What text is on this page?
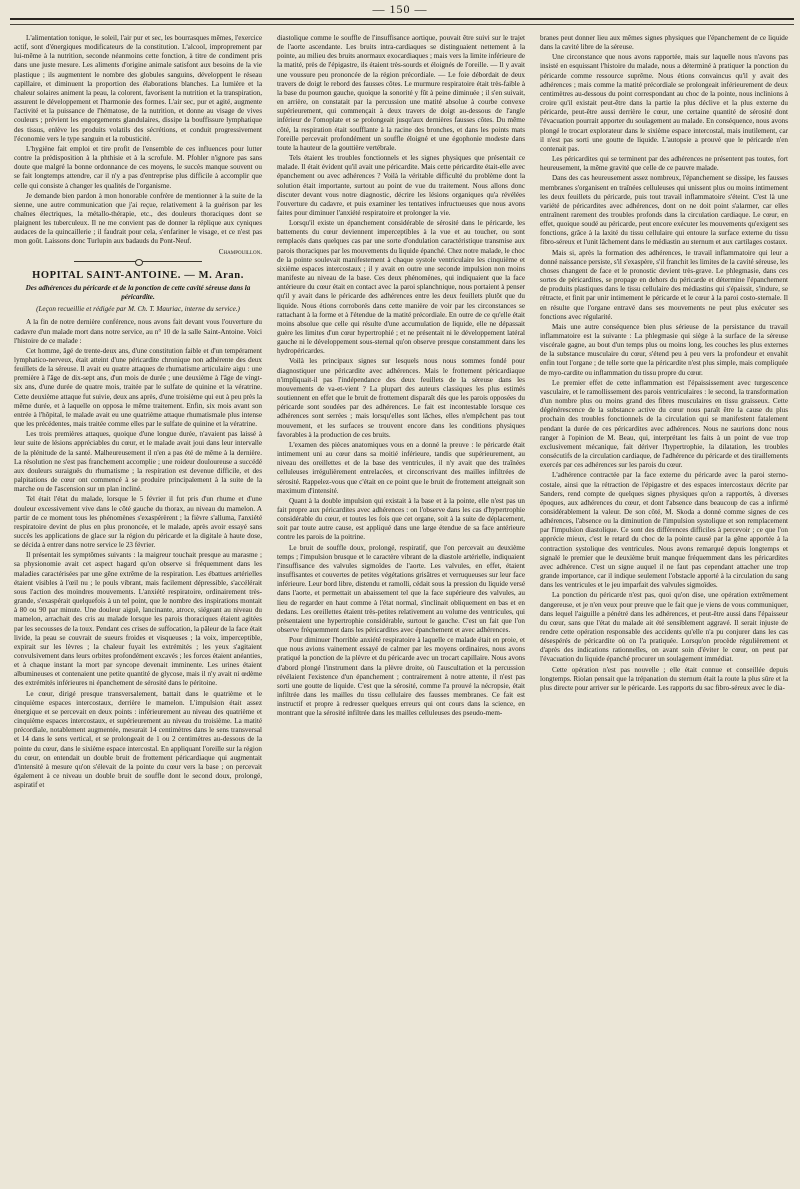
— 150 —

L'alimentation tonique, le soleil, l'air pur et sec, les bourrasques mêmes, l'exercice actif, sont d'énergiques modificateurs de la constitution. L'alcool, improprement par lui-même à la nutrition, seconde néanmoins cette fonction, à titre de condiment pris dans une juste mesure. Les aliments d'origine animale satisfont aux besoins de la vie plastique ; ils augmentent le nombre des globules sanguins, développent le réseau capillaire, et diminuent la proportion des élaborations blanches. La lumière et la chaleur solaires animent la peau, la colorent, favorisent la nutrition et la transpiration, assurent le développement et l'harmonie des formes. L'air sec, pur et agité, augmente l'activité et la puissance de l'hématose, de la nutrition, et donne au visage de vives couleurs ; prévient les engorgements glandulaires, dissipe la bouffissure lymphatique des tissus, enlève les produits volatils des sécrétions, et conduit progressivement l'économie vers le type sanguin et la robusticité.

L'hygiène fait emploi et tire profit de l'ensemble de ces influences pour lutter contre la prédisposition à la phthisie et à la scrofule. M. Pfohler n'ignore pas sans doute que malgré la bonne ordonnance de ces moyens, le succès manque souvent ou se fait longtemps attendre, car il n'y a pas d'entreprise plus difficile à accomplir que celle qui consiste à changer les qualités de l'organisme.

Je demande bien pardon à mon honorable confrère de mentionner à la suite de la sienne, une autre communication que j'ai reçue, relativement à la guérison par les chaînes électriques, la métallo-thérapie, etc., des douleurs thoraciques dont se plaignent les tuberculeux. Il ne me convient pas de donner la réplique aux cyniques audaces de la quincaillerie ; il faudrait pour cela, s'enfariner le visage, et ce n'est pas mon goût. Laissons donc Turlupin aux badauds du Pont-Neuf.

Champouillon.
HOPITAL SAINT-ANTOINE. — M. Aran.
Des adhérences du péricarde et de la ponction de cette cavité séreuse dans la péricardite.
(Leçon recueillie et rédigée par M. Ch. T. Mauriac, interne du service.)

A la fin de notre dernière conférence, nous avons fait devant vous l'ouverture du cadavre d'un malade mort dans notre service, au n° 10 de la salle Saint-Antoine. Voici l'histoire de ce malade :

Cet homme, âgé de trente-deux ans, d'une constitution faible et d'un tempérament lymphatico-nerveux, était atteint d'une péricardite chronique non adhérente des deux feuillets de la séreuse. Il avait eu quatre attaques de rhumatisme articulaire aigu : une première à l'âge de dix-sept ans, d'un mois de durée ; une deuxième à l'âge de vingt-six ans, d'une durée de quatre mois, traitée par le sulfate de quinine et la vératrine. Cette deuxième attaque fut suivie, deux ans après, d'une troisième qui eut à peu près la même durée, et à laquelle on opposa le même traitement. Enfin, six mois avant son entrée à l'hôpital, le malade avait eu une quatrième attaque rhumatismale plus intense que les précédentes, mais traitée comme elles par le sulfate de quinine et la vératrine.

Les trois premières attaques, quoique d'une longue durée, n'avaient pas laissé à leur suite de lésions appréciables du cœur, et le malade avait joui dans leur intervalle de la plénitude de la santé. Malheureusement il n'en a pas été de même à la dernière. La résolution ne s'est pas franchement accomplie ; une roideur douloureuse a succédé aux douleurs suraiguës du rhumatisme ; la respiration est devenue difficile, et des palpitations de cœur ont commencé à se produire principalement à la suite de la marche ou de l'ascension sur un plan incliné.

Tel était l'état du malade, lorsque le 5 février il fut pris d'un rhume et d'une douleur excessivement vive dans le côté gauche du thorax, au niveau du mamelon. A partir de ce moment tous les phénomènes s'exaspérèrent ; la fièvre s'alluma, l'anxiété respiratoire devint de plus en plus prononcée, et le malade, après avoir essayé sans succès les applications de glace sur la région du péricarde et la digitale à haute dose, se décida à entrer dans notre service le 23 février.

Il présentait les symptômes suivants : la maigreur touchait presque au marasme ; sa physionomie avait cet aspect hagard qu'on observe si fréquemment dans les maladies caractérisées par une gêne extrême de la respiration. Les ébattues artérielles étaient visibles à l'œil nu ; le pouls vibrant, mais facilement dépressible, s'accélérait sous l'action des moindres mouvements. L'anxiété respiratoire, ordinairement très-grande, s'exaspérait quelquefois à un tel point, que le nombre des inspirations montait à 80 ou 90 par minute. Une douleur aiguë, lancinante, atroce, siégeant au niveau du mamelon, arrachait des cris au malade lorsque les parois thoraciques étaient agitées par les secousses de la toux. Pendant ces crises de suffocation, la pâleur de la face était livide, la peau se couvrait de sueurs froides et visqueuses ; la voix, imperceptible, expirait sur les lèvres ; la chaleur fuyait les extrémités ; les yeux s'agitaient convulsivement dans leurs orbites profondément excavés ; les forces étaient anéanties, et à chaque instant la mort par syncope devenait imminente. Les urines étaient albumineuses et contenaient une petite quantité de glycose, mais il n'y avait ni œdème des extrémités inférieures ni épanchement de sérosité dans le péritoine.

Le cœur, dirigé presque transversalement, battait dans le quatrième et le cinquième espaces intercostaux, derrière le mamelon. L'impulsion était assez énergique et se percevait en deux points : inférieurement au niveau des quatrième et cinquième espaces intercostaux, et supérieurement au niveau du troisième. La matité précordiale, notablement augmentée, mesurait 14 centimètres dans le sens transversal et 14 dans le sens vertical, et se prolongeait de 1 ou 2 centimètres au-dessous de la pointe du cœur, dans le sixième espace intercostal. En appliquant l'oreille sur la région du cœur, on entendait un double bruit de frottement péricardiaque qui augmentait d'intensité à mesure qu'on s'élevait de la pointe du cœur vers la base ; on percevait également à ce niveau un double bruit de souffle dont le second doux, prolongé, aspiratif et

diastolique comme le souffle de l'insuffisance aortique, pouvait être suivi sur le trajet de l'aorte ascendante. Les bruits intra-cardiaques se distinguaient nettement à la pointe, au milieu des bruits anormaux exocardiaques ; mais vers la limite inférieure de la matité, près de l'épigastre, ils étaient très-sourds et éloignés de l'oreille. — Il y avait une voussure peu prononcée de la région précordiale. — Le foie débordait de deux travers de doigt le rebord des fausses côtes. Le murmure respiratoire était très-faible à la base du poumon gauche, quoique la sonorité y fût à peine diminuée ; il s'en suivait, en arrière, on constatait par la percussion une matité absolue à courbe convexe supérieurement, qui commençait à deux travers de doigt au-dessous de l'angle inférieur de l'omoplate et se prolongeait jusqu'aux dernières fausses côtes. Du même côté, la respiration était soufflante à la racine des bronches, et dans les points mats l'oreille percevait profondément un souffle éloigné et une égophonie modeste dans toute la hauteur de la gouttière vertébrale.

Tels étaient les troubles fonctionnels et les signes physiques que présentait ce malade. Il était évident qu'il avait une péricardite. Mais cette péricardite était-elle avec épanchement ou avec adhérences ? Voilà la véritable difficulté du problème dont la solution était importante, surtout au point de vue du traitement. Nous allons donc discuter devant vous notre diagnostic, décrire les lésions organiques qu'a révélées l'ouverture du cadavre, et puis examiner les tentatives infructueuses que nous avons faites pour diminuer l'anxiété respiratoire et prolonger la vie.

Lorsqu'il existe un épanchement considérable de sérosité dans le péricarde, les battements du cœur deviennent imperceptibles à la vue et au toucher, ou sont remplacés dans quelques cas par une sorte d'ondulation caractéristique transmise aux parois thoraciques par les mouvements du liquide épanché. Chez notre malade, le choc de la pointe soulevait manifestement à chaque systole ventriculaire les cinquième et sixième espaces intercostaux ; il y avait en outre une seconde impulsion non moins manifeste au niveau de la base. Ces deux phénomènes, qui indiquaient que la face antérieure du cœur était en contact avec la paroi splanchnique, nous portaient à penser qu'il y avait dans le péricarde des adhérences entre les deux feuillets plutôt que du liquide. Nous étions corroborés dans cette manière de voir par les circonstances se rattachant à la forme et à l'étendue de la matité précordiale. En outre de ce qu'elle était moins absolue que celle qui résulte d'une accumulation de liquide, elle ne dépassait guère les limites d'un cœur hypertrophié ; et ne présentait ni le développement latéral gauche ni le développement sous-sternal qu'on observe presque constamment dans les hydropéricardes.

Voilà les principaux signes sur lesquels nous nous sommes fondé pour diagnostiquer une péricardite avec adhérences. Mais le frottement péricardiaque n'impliquait-il pas l'indépendance des deux feuillets de la séreuse dans les mouvements de va-et-vient ? La plupart des auteurs classiques les plus estimés soutiennent en effet que le bruit de frottement disparaît dès que les parois opposées du péricarde sont soudées par des adhérences. Le fait est incontestable lorsque ces adhérences sont serrées ; mais lorsqu'elles sont lâches, elles n'empêchent pas tout mouvement, et les surfaces se trouvent encore dans les conditions physiques favorables à la production de ces bruits.

L'examen des pièces anatomiques vous en a donné la preuve : le péricarde était intimement uni au cœur dans sa moitié inférieure, tandis que supérieurement, au niveau des oreillettes et de la base des ventricules, il n'y avait que des traînées celluleuses irrégulièrement entrelacées, et circonscrivant des mailles infiltrées de sérosité. Rappelez-vous que c'était en ce point que le bruit de frottement atteignait son maximum d'intensité.

Quant à la double impulsion qui existait à la base et à la pointe, elle n'est pas un fait propre aux péricardites avec adhérences : on l'observe dans les cas d'hypertrophie considérable du cœur, et toutes les fois que cet organe, soit à la suite de déplacement, soit par toute autre cause, est appliqué dans une large étendue de sa face antérieure contre les parois de la poitrine.

Le bruit de souffle doux, prolongé, respiratif, que l'on percevait au deuxième temps ; l'impulsion brusque et le caractère vibrant de la diastole artérielle, indiquaient l'insuffisance des valvules sigmoïdes de l'aorte. Les valvules, en effet, étaient insuffisantes et couvertes de petites végétations grisâtres et verruqueuses sur leur face inférieure. Leur bord libre, distendu et ramolli, cédait sous la pression du liquide versé dans l'aorte, et permettait un abaissement tel que la face supérieure des valvules, au lieu de regarder en haut comme à l'état normal, s'inclinait obliquement en bas et en dedans. Les oreillettes étaient très-petites relativement au volume des ventricules, qui présentaient une hypertrophie considérable, surtout le gauche. C'est un fait que l'on observe fréquemment dans les péricardites avec épanchement et avec adhérences.

Pour diminuer l'horrible anxiété respiratoire à laquelle ce malade était en proie, et que nous avions vainement essayé de calmer par les moyens ordinaires, nous avons pratiqué la ponction de la plèvre et du péricarde avec un trocart capillaire. Nous avons d'abord plongé l'instrument dans la plèvre droite, où l'auscultation et la percussion révélaient l'existence d'un épanchement ; contrairement à notre attente, il n'est pas sorti une goutte de liquide. C'est que la sérosité, comme l'a prouvé la nécropsie, était infiltrée dans les mailles du tissu cellulaire des fausses membranes. Ce fait est instructif et propre à redresser quelques erreurs qui ont cours dans la science, en montrant que la sérosité infiltrée dans les mailles celluleuses des pseudo-mem-

branes peut donner lieu aux mêmes signes physiques que l'épanchement de ce liquide dans la cavité libre de la séreuse.

Une circonstance que nous avons rapportée, mais sur laquelle nous n'avons pas insisté en esquissant l'histoire du malade, nous a déterminé à pratiquer la ponction du péricarde comme ressource suprême. Nous étions convaincus qu'il y avait des adhérences ; mais comme la matité précordiale se prolongeait inférieurement de deux centimètres au-dessous du point correspondant au choc de la pointe, nous inclinions à croire qu'il existait peut-être dans la partie la plus déclive et la plus externe du péricarde, peut-être aussi derrière le cœur, une certaine quantité de sérosité dont l'évacuation pourrait apporter du soulagement au malade. En conséquence, nous avons plongé le trocart explorateur dans le sixième espace intercostal, mais inutilement, car il n'est pas sorti une goutte de liquide. L'autopsie a prouvé que le péricarde n'en contenait pas.

Les péricardites qui se terminent par des adhérences ne présentent pas toutes, fort heureusement, la même gravité que celle de ce pauvre malade.

Dans des cas heureusement assez nombreux, l'épanchement se dissipe, les fausses membranes s'organisent en traînées celluleuses qui unissent plus ou moins intimement les deux feuillets du péricarde, puis tout travail inflammatoire s'éteint. C'est là une variété de péricardites avec adhérences, dont on ne doit point s'alarmer, car elles entraînent rarement des troubles profonds dans la circulation cardiaque. Le cœur, en effet, quoique soudé au péricarde, peut encore exécuter les mouvements qu'exigent ses fonctions, grâce à la laxité du tissu cellulaire qui entoure la surface externe du tissu fibro-séreux et l'unit lâchement dans le médiastin au sternum et aux cartilages costaux.

Mais si, après la formation des adhérences, le travail inflammatoire qui leur a donné naissance persiste, s'il s'exaspère, s'il franchit les limites de la cavité séreuse, les choses changent de face et le pronostic devient très-grave. Le phlegmasie, dans ces sortes de péricardites, se propage en dehors du péricarde et détermine l'épanchement de produits plastiques dans le tissu cellulaire des médiastins qui s'épaissit, s'indure, se rétracte, et finit par unir intimement le péricarde et le cœur à la paroi costo-sternale. Il en résulte que l'organe entravé dans ses mouvements ne peut plus exécuter ses fonctions avec régularité.

Mais une autre conséquence bien plus sérieuse de la persistance du travail inflammatoire est la suivante : La phlegmasie qui siège à la surface de la séreuse viscérale gagne, au bout d'un temps plus ou moins long, les couches les plus externes de la substance musculaire du cœur, s'étend peu à peu vers la profondeur et envahit enfin tout l'organe ; de telle sorte que la péricardite n'est plus simple, mais compliquée de myo-cardite ou inflammation du tissu propre du cœur.

Le premier effet de cette inflammation est l'épaississement avec turgescence vasculaire, et le ramollissement des parois ventriculaires : le second, la transformation d'un nombre plus ou moins grand des fibres musculaires en tissu graisseux. Cette dégénérescence de la substance active du cœur nous paraît être la cause du plus prochain des troubles fonctionnels de la circulation qui se manifestent fatalement pendant la durée de ces péricardites avec adhérences. Nous ne saurions donc nous ranger à l'opinion de M. Beau, qui, interprétant les faits à un point de vue trop exclusivement mécanique, fait dériver l'hypertrophie, la dilatation, les troubles consécutifs de la circulation cardiaque, de l'adhérence du péricarde et des tiraillements exercés par ces adhérences sur les parois du cœur.

L'adhérence contractée par la face externe du péricarde avec la paroi sterno-costale, ainsi que la rétraction de l'épigastre et des espaces intercostaux décrite par Sanders, rend compte de quelques signes physiques qu'on a rapportés, à diverses époques, aux adhérences du cœur, et dont l'absence dans beaucoup de cas a infirmé considérablement la valeur. De son côté, M. Skoda a donné comme signes de ces adhérences, l'absence ou la diminution de l'impulsion systolique et son remplacement par l'impulsion diastolique. Ce sont des différences difficiles à percevoir ; ce que l'on apprécie mieux, c'est le retard du choc de la pointe causé par la gêne apportée à la contraction systolique des ventricules. Nous avons remarqué depuis longtemps et signalé le premier que le deuxième bruit manque fréquemment dans les péricardites avec adhérence. C'est un signe auquel il ne faut pas cependant attacher une trop grande importance, car il indique seulement l'obstacle apporté à la circulation du sang dans les ventricules et le jeu imparfait des valvules sigmoïdes.

La ponction du péricarde n'est pas, quoi qu'on dise, une opération extrêmement dangereuse, et je n'en veux pour preuve que le fait que je viens de vous communiquer, dans lequel l'aiguille a pénétré dans les adhérences, et peut-être aussi dans l'épaisseur du cœur, sans que l'état du malade ait été sensiblement aggravé. Il serait injuste de rendre cette opération responsable des accidents qu'elle n'a pu conjurer dans les cas désespérés de péricardite où on l'a pratiquée. Lorsqu'on procède régulièrement et d'après des indications rationnelles, on avant soin d'éviter le cœur, on peut par l'évacuation du liquide épanché procurer un soulagement immédiat.

Cette opération n'est pas nouvelle ; elle était connue et conseillée depuis longtemps. Riolan pensait que la trépanation du sternum était la route la plus sûre et la plus directe pour arriver sur le péricarde. Les rapports du sac fibro-séreux avec le dia-
